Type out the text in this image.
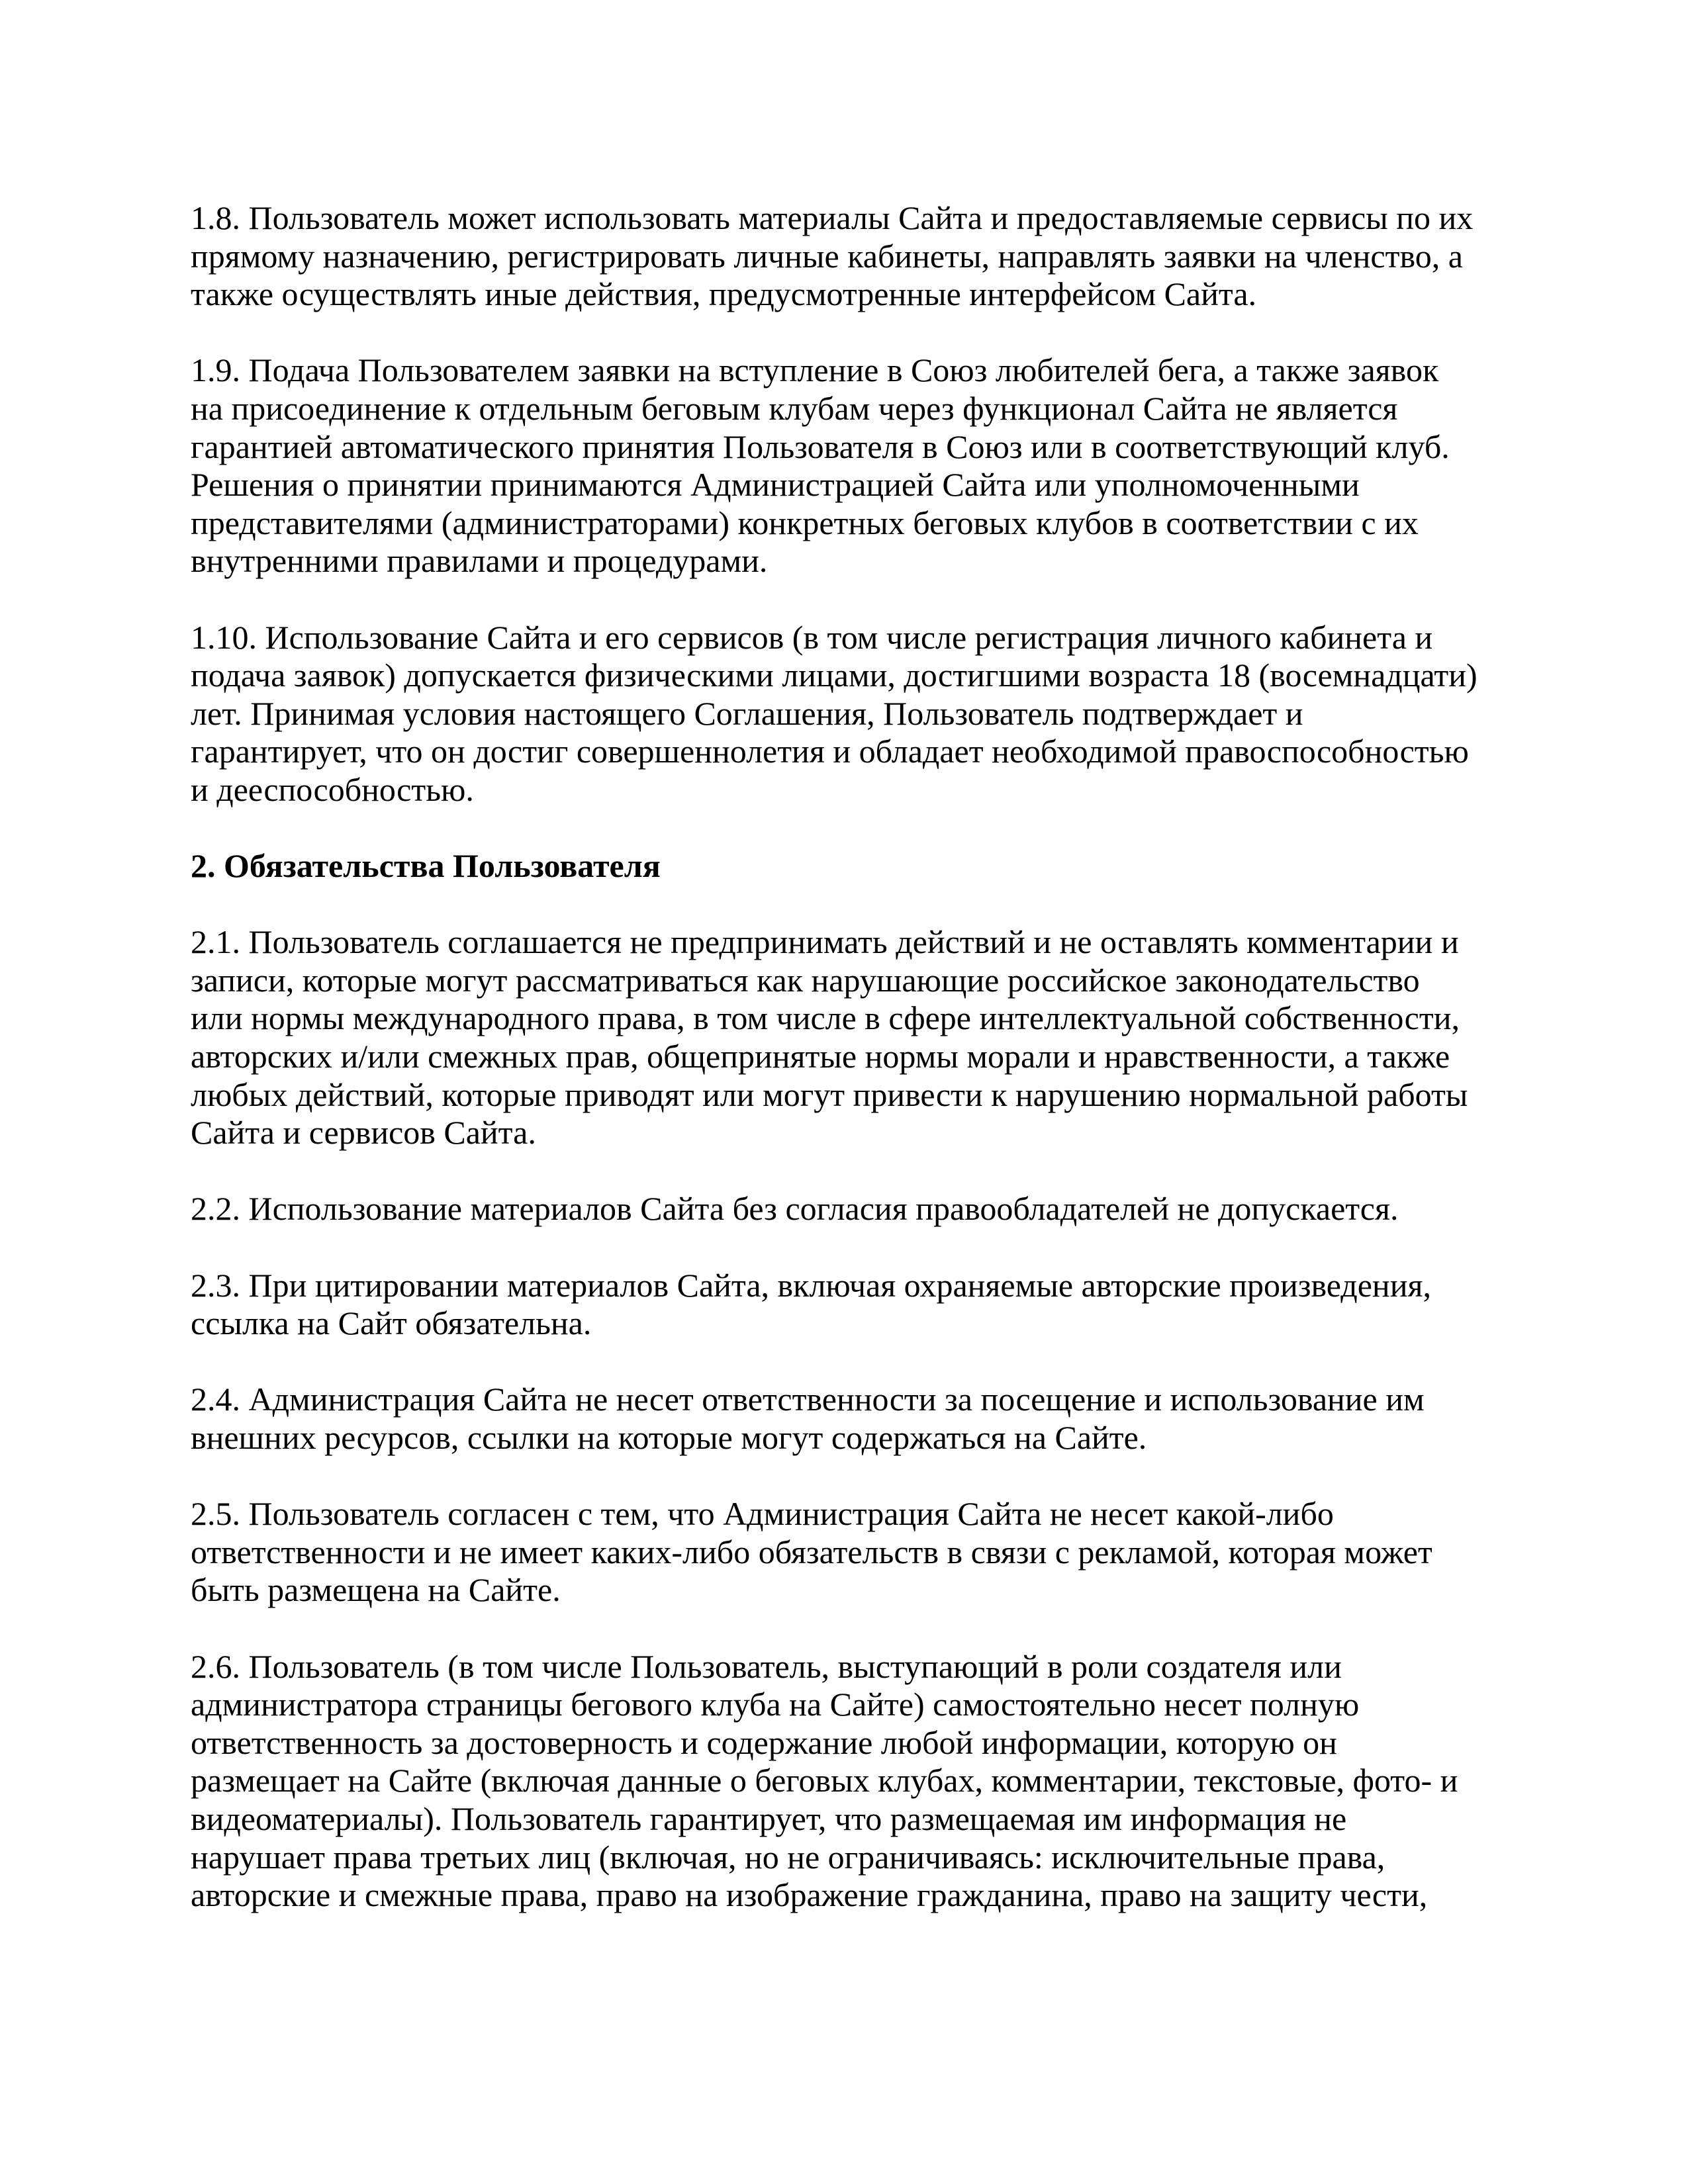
1.8. Пользователь может использовать материалы Сайта и предоставляемые сервисы по их
прямому назначению, регистрировать личные кабинеты, направлять заявки на членство, а
также осуществлять иные действия, предусмотренные интерфейсом Сайта.
1.9. Подача Пользователем заявки на вступление в Союз любителей бега, а также заявок
на присоединение к отдельным беговым клубам через функционал Сайта не является
гарантией автоматического принятия Пользователя в Союз или в соответствующий клуб.
Решения о принятии принимаются Администрацией Сайта или уполномоченными
представителями (администраторами) конкретных беговых клубов в соответствии с их
внутренними правилами и процедурами.
1.10. Использование Сайта и его сервисов (в том числе регистрация личного кабинета и
подача заявок) допускается физическими лицами, достигшими возраста 18 (восемнадцати)
лет. Принимая условия настоящего Соглашения, Пользователь подтверждает и
гарантирует, что он достиг совершеннолетия и обладает необходимой правоспособностью
и дееспособностью.
2. Обязательства Пользователя
2.1. Пользователь соглашается не предпринимать действий и не оставлять комментарии и
записи, которые могут рассматриваться как нарушающие российское законодательство
или нормы международного права, в том числе в сфере интеллектуальной собственности,
авторских и/или смежных прав, общепринятые нормы морали и нравственности, а также
любых действий, которые приводят или могут привести к нарушению нормальной работы
Сайта и сервисов Сайта.
2.2. Использование материалов Сайта без согласия правообладателей не допускается.
2.3. При цитировании материалов Сайта, включая охраняемые авторские произведения,
ссылка на Сайт обязательна.
2.4. Администрация Сайта не несет ответственности за посещение и использование им
внешних ресурсов, ссылки на которые могут содержаться на Сайте.
2.5. Пользователь согласен с тем, что Администрация Сайта не несет какой-либо
ответственности и не имеет каких-либо обязательств в связи с рекламой, которая может
быть размещена на Сайте.
2.6. Пользователь (в том числе Пользователь, выступающий в роли создателя или
администратора страницы бегового клуба на Сайте) самостоятельно несет полную
ответственность за достоверность и содержание любой информации, которую он
размещает на Сайте (включая данные о беговых клубах, комментарии, текстовые, фото- и
видеоматериалы). Пользователь гарантирует, что размещаемая им информация не
нарушает права третьих лиц (включая, но не ограничиваясь: исключительные права,
авторские и смежные права, право на изображение гражданина, право на защиту чести,
